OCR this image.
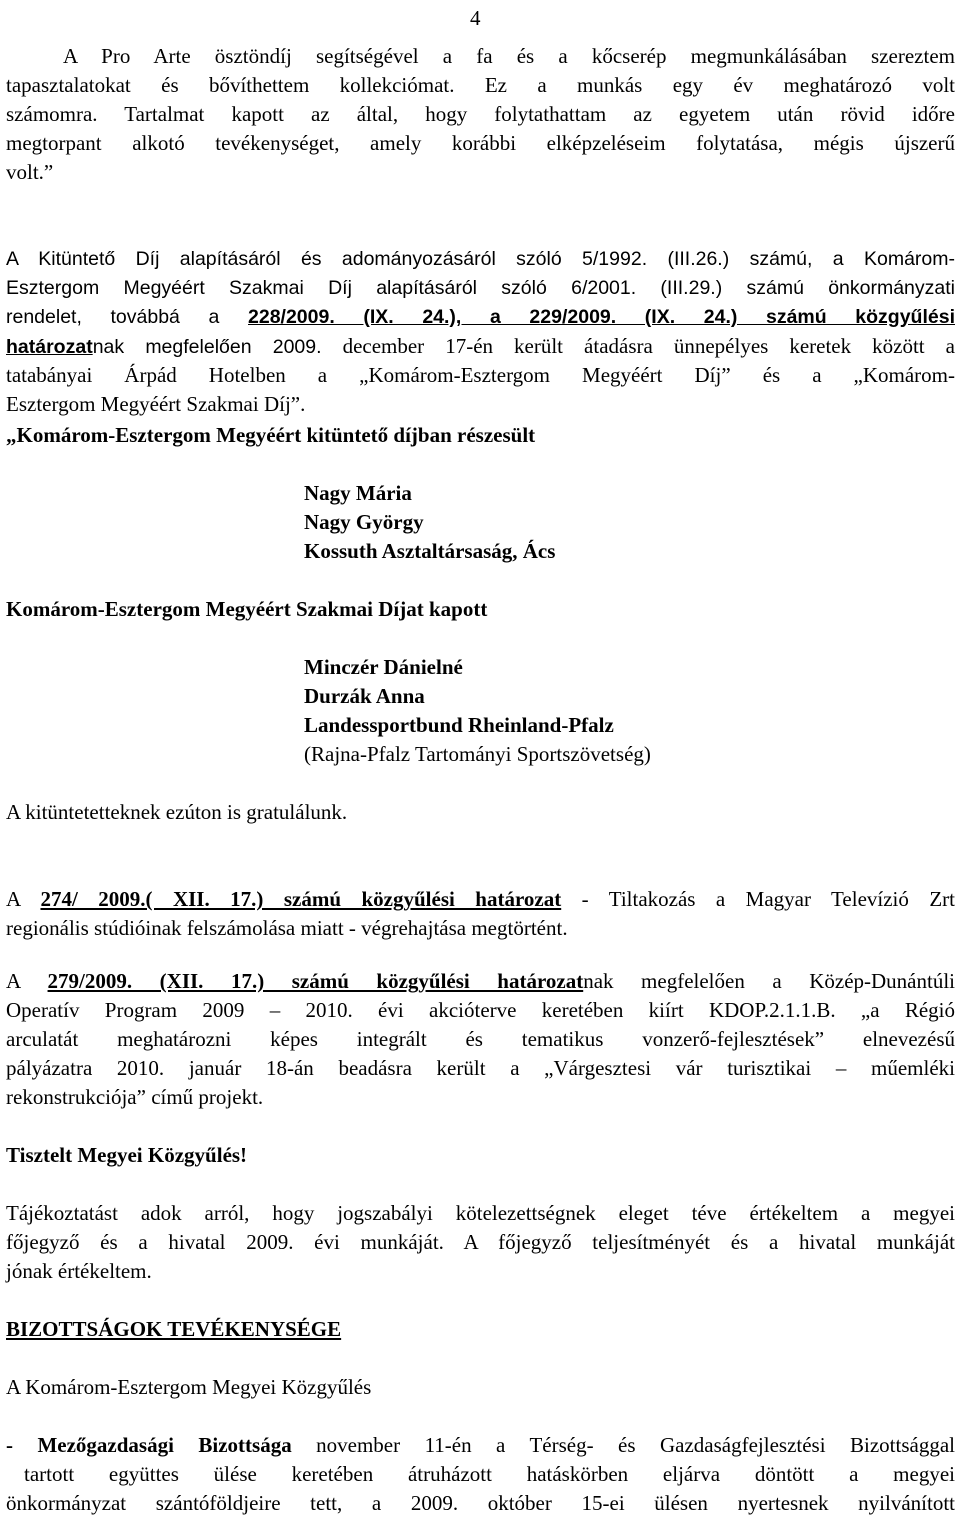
4
A Pro Arte ösztöndíj segítségével a fa és a kőcserép megmunkálásában szereztem
tapasztalatokat és bővíthettem kollekciómat. Ez a munkás egy év meghatározó volt
számomra. Tartalmat kapott az által, hogy folytathattam az egyetem után rövid időre
megtorpant alkotó tevékenységet, amely korábbi elképzeléseim folytatása, mégis újszerű
volt.”
A Kitüntető Díj alapításáról és adományozásáról szóló 5/1992. (III.26.) számú, a Komárom-
Esztergom Megyéért Szakmai Díj alapításáról szóló 6/2001. (III.29.) számú önkormányzati
rendelet, továbbá a 228/2009. (IX. 24.), a 229/2009. (IX. 24.) számú közgyűlési
határozatnak megfelelően 2009. december 17-én került átadásra ünnepélyes keretek között a
tatabányai Árpád Hotelben a „Komárom-Esztergom Megyéért Díj” és a „Komárom-
Esztergom Megyéért Szakmai Díj”.
„Komárom-Esztergom Megyéért kitüntető díjban részesült
Nagy Mária
Nagy György
Kossuth Asztaltársaság, Ács
Komárom-Esztergom Megyéért Szakmai Díjat kapott
Minczér Dánielné
Durzák Anna
Landessportbund Rheinland-Pfalz
(Rajna-Pfalz Tartományi Sportszövetség)
A kitüntetetteknek ezúton is gratulálunk.
A 274/ 2009.( XII. 17.) számú közgyűlési határozat - Tiltakozás a Magyar Televízió Zrt
regionális stúdióinak felszámolása miatt - végrehajtása megtörtént.
A 279/2009. (XII. 17.) számú közgyűlési határozatnak megfelelően a Közép-Dunántúli
Operatív Program 2009 – 2010. évi akcióterve keretében kiírt KDOP.2.1.1.B. „a Régió
arculatát meghatározni képes integrált és tematikus vonzerő-fejlesztések” elnevezésű
pályázatra 2010. január 18-án beadásra került a „Várgesztesi vár turisztikai – műemléki
rekonstrukciója” című projekt.
Tisztelt Megyei Közgyűlés!
Tájékoztatást adok arról, hogy jogszabályi kötelezettségnek eleget téve értékeltem a megyei
főjegyző és a hivatal 2009. évi munkáját. A főjegyző teljesítményét és a hivatal munkáját
jónak értékeltem.
BIZOTTSÁGOK TEVÉKENYSÉGE
A Komárom-Esztergom Megyei Közgyűlés
- Mezőgazdasági Bizottsága november 11-én a Térség- és Gazdaságfejlesztési Bizottsággal
tartott együttes ülése keretében átruházott hatáskörben eljárva döntött a megyei
önkormányzat szántóföldjeire tett, a 2009. október 15-ei ülésen nyertesnek nyilvánított
